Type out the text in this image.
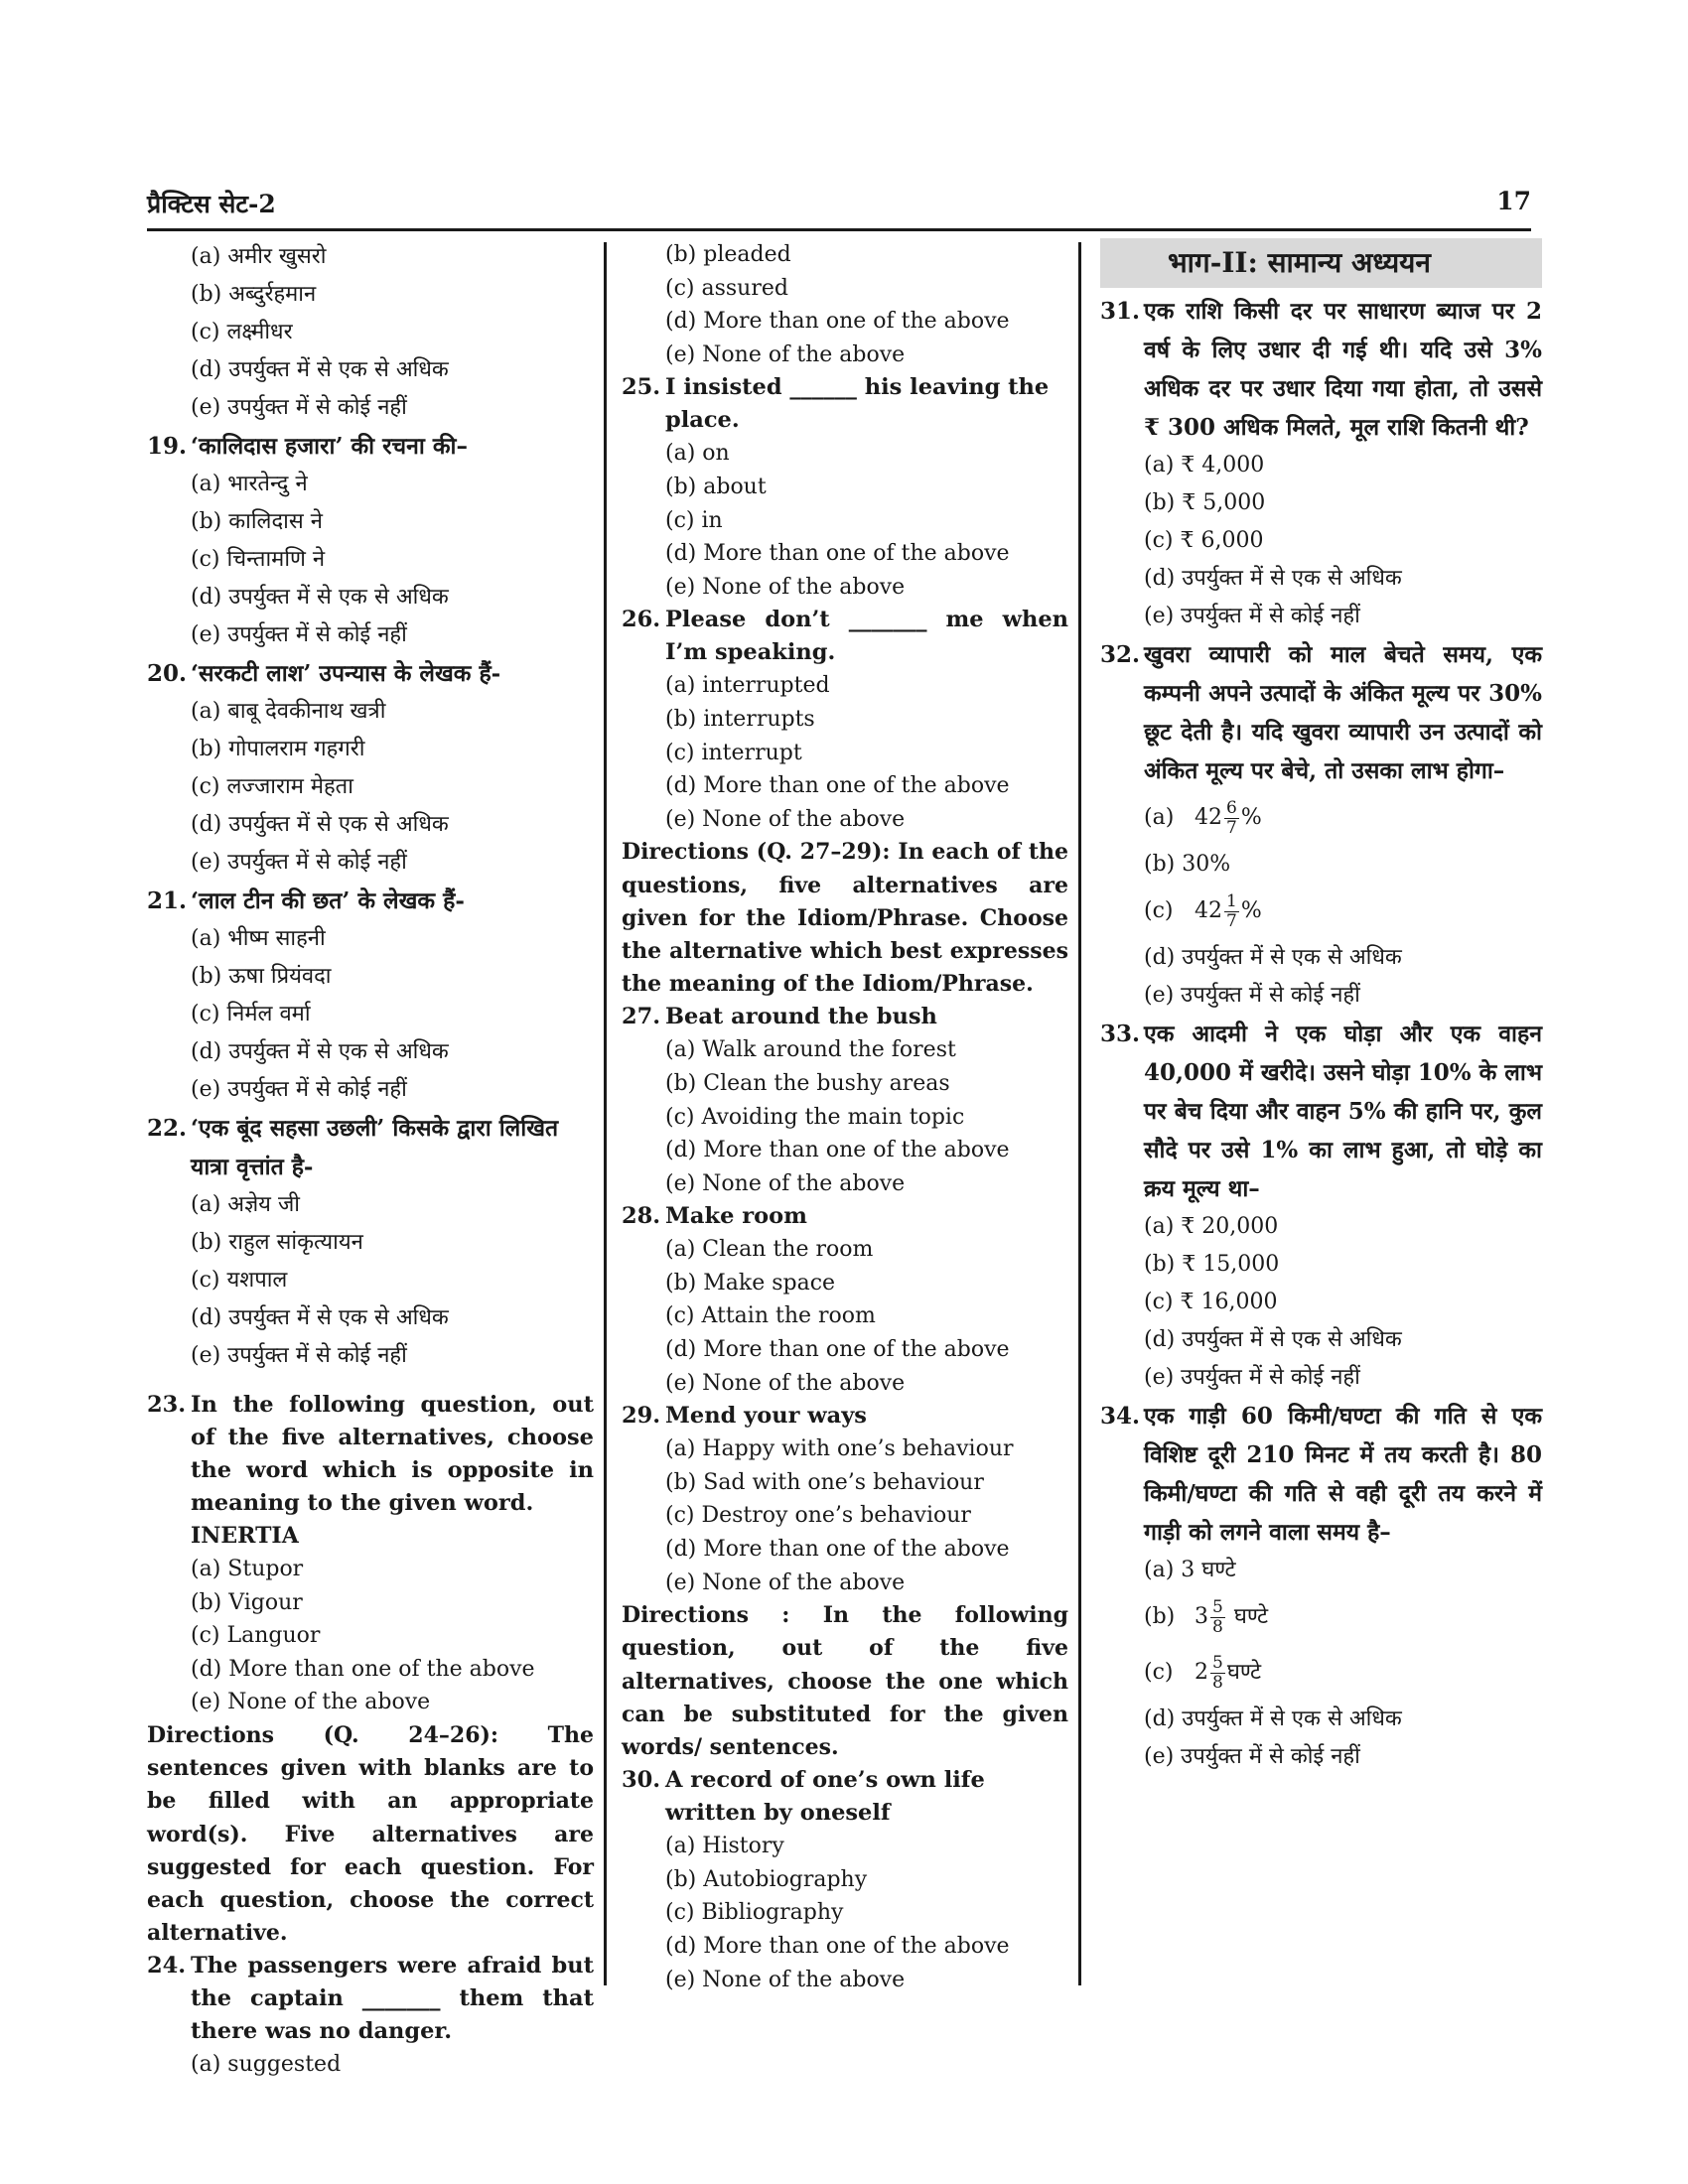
प्रैक्टिस सेट-2	17
(a) अमीर खुसरो
(b) अब्दुर्रहमान
(c) लक्ष्मीधर
(d) उपर्युक्त में से एक से अधिक
(e) उपर्युक्त में से कोई नहीं
19. ‘कालिदास हजारा’ की रचना की–
(a) भारतेन्दु ने
(b) कालिदास ने
(c) चिन्तामणि ने
(d) उपर्युक्त में से एक से अधिक
(e) उपर्युक्त में से कोई नहीं
20. ‘सरकटी लाश’ उपन्यास के लेखक हैं-
(a) बाबू देवकीनाथ खत्री
(b) गोपालराम गहगरी
(c) लज्जाराम मेहता
(d) उपर्युक्त में से एक से अधिक
(e) उपर्युक्त में से कोई नहीं
21. ‘लाल टीन की छत’ के लेखक हैं-
(a) भीष्म साहनी
(b) ऊषा प्रियंवदा
(c) निर्मल वर्मा
(d) उपर्युक्त में से एक से अधिक
(e) उपर्युक्त में से कोई नहीं
22. ‘एक बूंद सहसा उछली’ किसके द्वारा लिखित यात्रा वृत्तांत है-
(a) अज्ञेय जी
(b) राहुल सांकृत्यायन
(c) यशपाल
(d) उपर्युक्त में से एक से अधिक
(e) उपर्युक्त में से कोई नहीं
23. In the following question, out of the five alternatives, choose the word which is opposite in meaning to the given word.
INERTIA
(a) Stupor
(b) Vigour
(c) Languor
(d) More than one of the above
(e) None of the above
Directions (Q. 24–26): The sentences given with blanks are to be filled with an appropriate word(s). Five alternatives are suggested for each question. For each question, choose the correct alternative.
24. The passengers were afraid but the captain _______ them that there was no danger.
(a) suggested
(b) pleaded
(c) assured
(d) More than one of the above
(e) None of the above
25. I insisted ______ his leaving the place.
(a) on
(b) about
(c) in
(d) More than one of the above
(e) None of the above
26. Please don’t _______ me when I’m speaking.
(a) interrupted
(b) interrupts
(c) interrupt
(d) More than one of the above
(e) None of the above
Directions (Q. 27–29): In each of the questions, five alternatives are given for the Idiom/Phrase. Choose the alternative which best expresses the meaning of the Idiom/Phrase.
27. Beat around the bush
(a) Walk around the forest
(b) Clean the bushy areas
(c) Avoiding the main topic
(d) More than one of the above
(e) None of the above
28. Make room
(a) Clean the room
(b) Make space
(c) Attain the room
(d) More than one of the above
(e) None of the above
29. Mend your ways
(a) Happy with one’s behaviour
(b) Sad with one’s behaviour
(c) Destroy one’s behaviour
(d) More than one of the above
(e) None of the above
Directions : In the following question, out of the five alternatives, choose the one which can be substituted for the given words/ sentences.
30. A record of one’s own life written by oneself
(a) History
(b) Autobiography
(c) Bibliography
(d) More than one of the above
(e) None of the above
भाग-II: सामान्य अध्ययन
31. एक राशि किसी दर पर साधारण ब्याज पर 2 वर्ष के लिए उधार दी गई थी। यदि उसे 3% अधिक दर पर उधार दिया गया होता, तो उससे ₹ 300 अधिक मिलते, मूल राशि कितनी थी?
(a) ₹ 4,000
(b) ₹ 5,000
(c) ₹ 6,000
(d) उपर्युक्त में से एक से अधिक
(e) उपर्युक्त में से कोई नहीं
32. खुवरा व्यापारी को माल बेचते समय, एक कम्पनी अपने उत्पादों के अंकित मूल्य पर 30% छूट देती है। यदि खुवरा व्यापारी उन उत्पादों को अंकित मूल्य पर बेचे, तो उसका लाभ होगा–
(a) $42 \frac{6}{7}$ %
(b) 30%
(c) $42 \frac{1}{7}$ %
(d) उपर्युक्त में से एक से अधिक
(e) उपर्युक्त में से कोई नहीं
33. एक आदमी ने एक घोड़ा और एक वाहन 40,000 में खरीदे। उसने घोड़ा 10% के लाभ पर बेच दिया और वाहन 5% की हानि पर, कुल सौदे पर उसे 1% का लाभ हुआ, तो घोड़े का क्रय मूल्य था–
(a) ₹ 20,000
(b) ₹ 15,000
(c) ₹ 16,000
(d) उपर्युक्त में से एक से अधिक
(e) उपर्युक्त में से कोई नहीं
34. एक गाड़ी 60 किमी/घण्टा की गति से एक विशिष्ट दूरी 210 मिनट में तय करती है। 80 किमी/घण्टा की गति से वही दूरी तय करने में गाड़ी को लगने वाला समय है–
(a) 3 घण्टे
(b) $3 \frac{5}{8}$ घण्टे
(c) $2 \frac{5}{8}$ घण्टे
(d) उपर्युक्त में से एक से अधिक
(e) उपर्युक्त में से कोई नहीं
